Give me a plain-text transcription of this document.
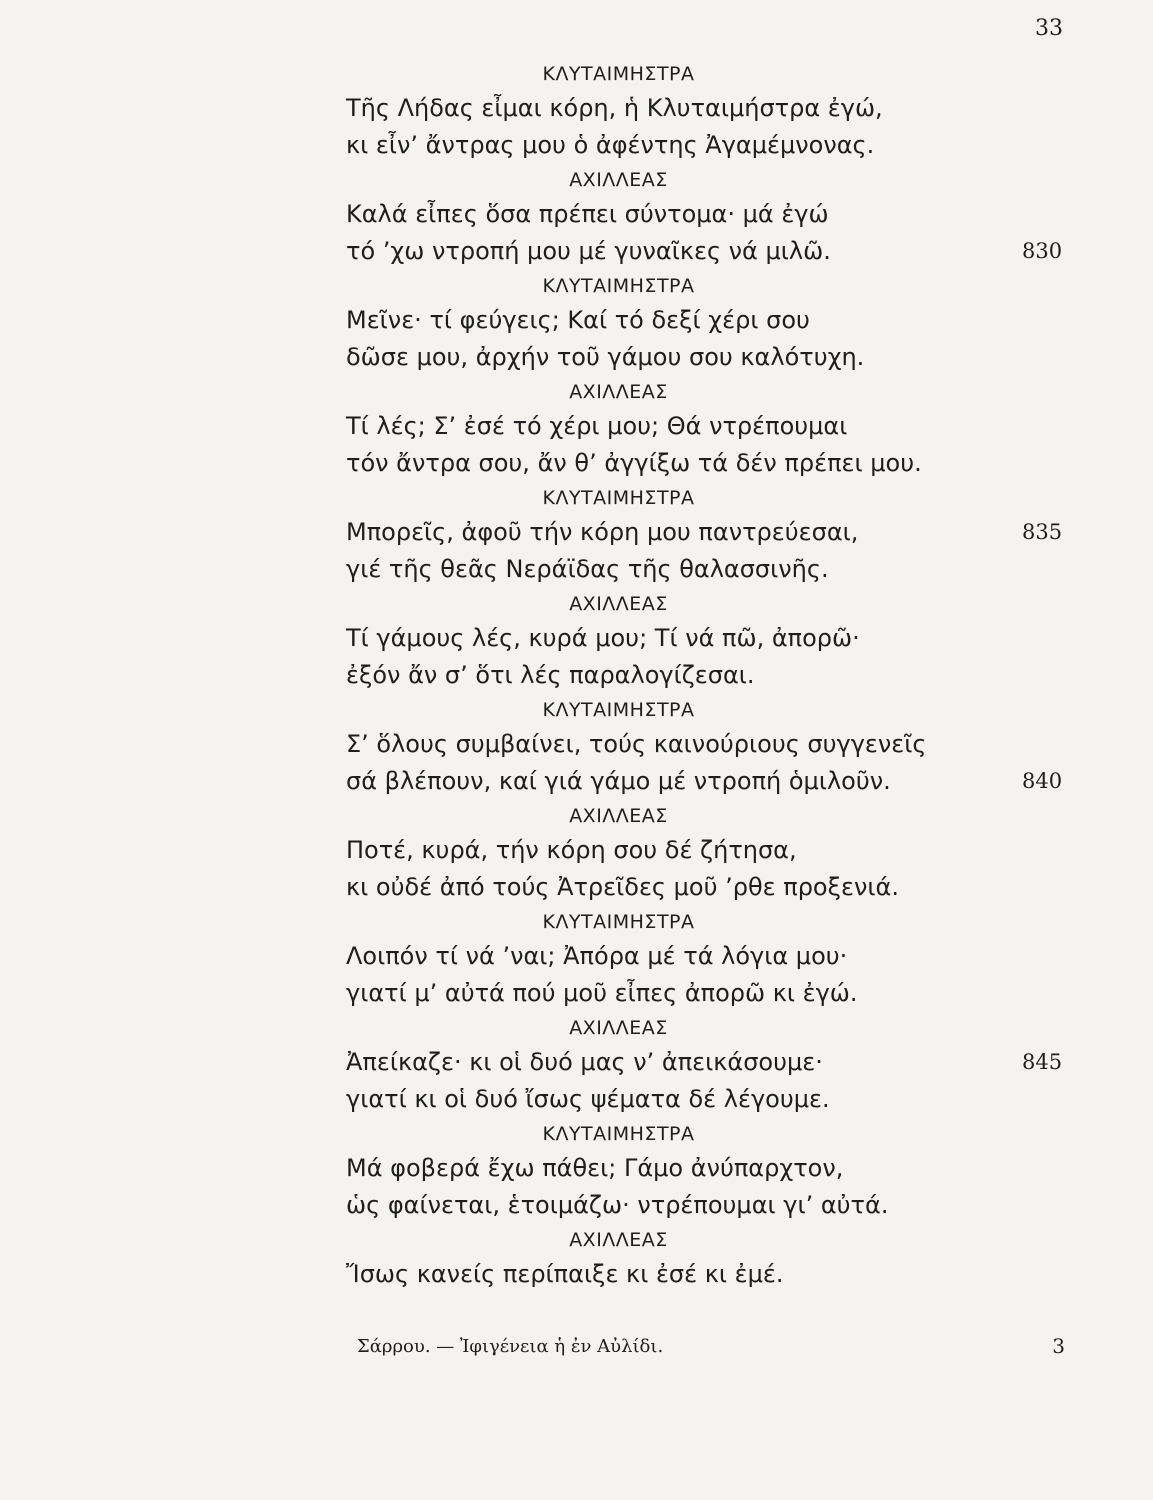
33
ΚΛΥΤΑΙΜΗΣΤΡΑ
Τῆς Λήδας εἶμαι κόρη, ἡ Κλυταιμήστρα ἐγώ,
κι εἶν’ ἄντρας μου ὁ ἀφέντης Ἀγαμέμνονας.
ΑΧΙΛΛΕΑΣ
Καλά εἶπες ὅσα πρέπει σύντομα· μά ἐγώ
τό ’χω ντροπή μου μέ γυναῖκες νά μιλῶ.	830
ΚΛΥΤΑΙΜΗΣΤΡΑ
Μεῖνε· τί φεύγεις; Καί τό δεξί χέρι σου
δῶσε μου, ἀρχήν τοῦ γάμου σου καλότυχη.
ΑΧΙΛΛΕΑΣ
Τί λές; Σ’ ἐσέ τό χέρι μου; Θά ντρέπουμαι
τόν ἄντρα σου, ἄν θ’ ἀγγίξω τά δέν πρέπει μου.
ΚΛΥΤΑΙΜΗΣΤΡΑ
Μπορεῖς, ἀφοῦ τήν κόρη μου παντρεύεσαι,	835
γιέ τῆς θεᾶς Νεράϊδας τῆς θαλασσινῆς.
ΑΧΙΛΛΕΑΣ
Τί γάμους λές, κυρά μου; Τί νά πῶ, ἀπορῶ·
ἐξόν ἄν σ’ ὅτι λές παραλογίζεσαι.
ΚΛΥΤΑΙΜΗΣΤΡΑ
Σ’ ὅλους συμβαίνει, τούς καινούριους συγγενεῖς
σά βλέπουν, καί γιά γάμο μέ ντροπή ὁμιλοῦν.	840
ΑΧΙΛΛΕΑΣ
Ποτέ, κυρά, τήν κόρη σου δέ ζήτησα,
κι οὐδέ ἀπό τούς Ἀτρεῖδες μοῦ ’ρθε προξενιά.
ΚΛΥΤΑΙΜΗΣΤΡΑ
Λοιπόν τί νά ’ναι; Ἀπόρα μέ τά λόγια μου·
γιατί μ’ αὐτά πού μοῦ εἶπες ἀπορῶ κι ἐγώ.
ΑΧΙΛΛΕΑΣ
Ἀπείκαζε· κι οἱ δυό μας ν’ ἀπεικάσουμε·	845
γιατί κι οἱ δυό ἴσως ψέματα δέ λέγουμε.
ΚΛΥΤΑΙΜΗΣΤΡΑ
Μά φοβερά ἔχω πάθει; Γάμο ἀνύπαρχτον,
ὡς φαίνεται, ἑτοιμάζω· ντρέπουμαι γι’ αὐτά.
ΑΧΙΛΛΕΑΣ
Ἴσως κανείς περίπαιξε κι ἐσέ κι ἐμέ.
Σάρρου. — Ἰφιγένεια ἡ ἐν Αὐλίδι.	3
